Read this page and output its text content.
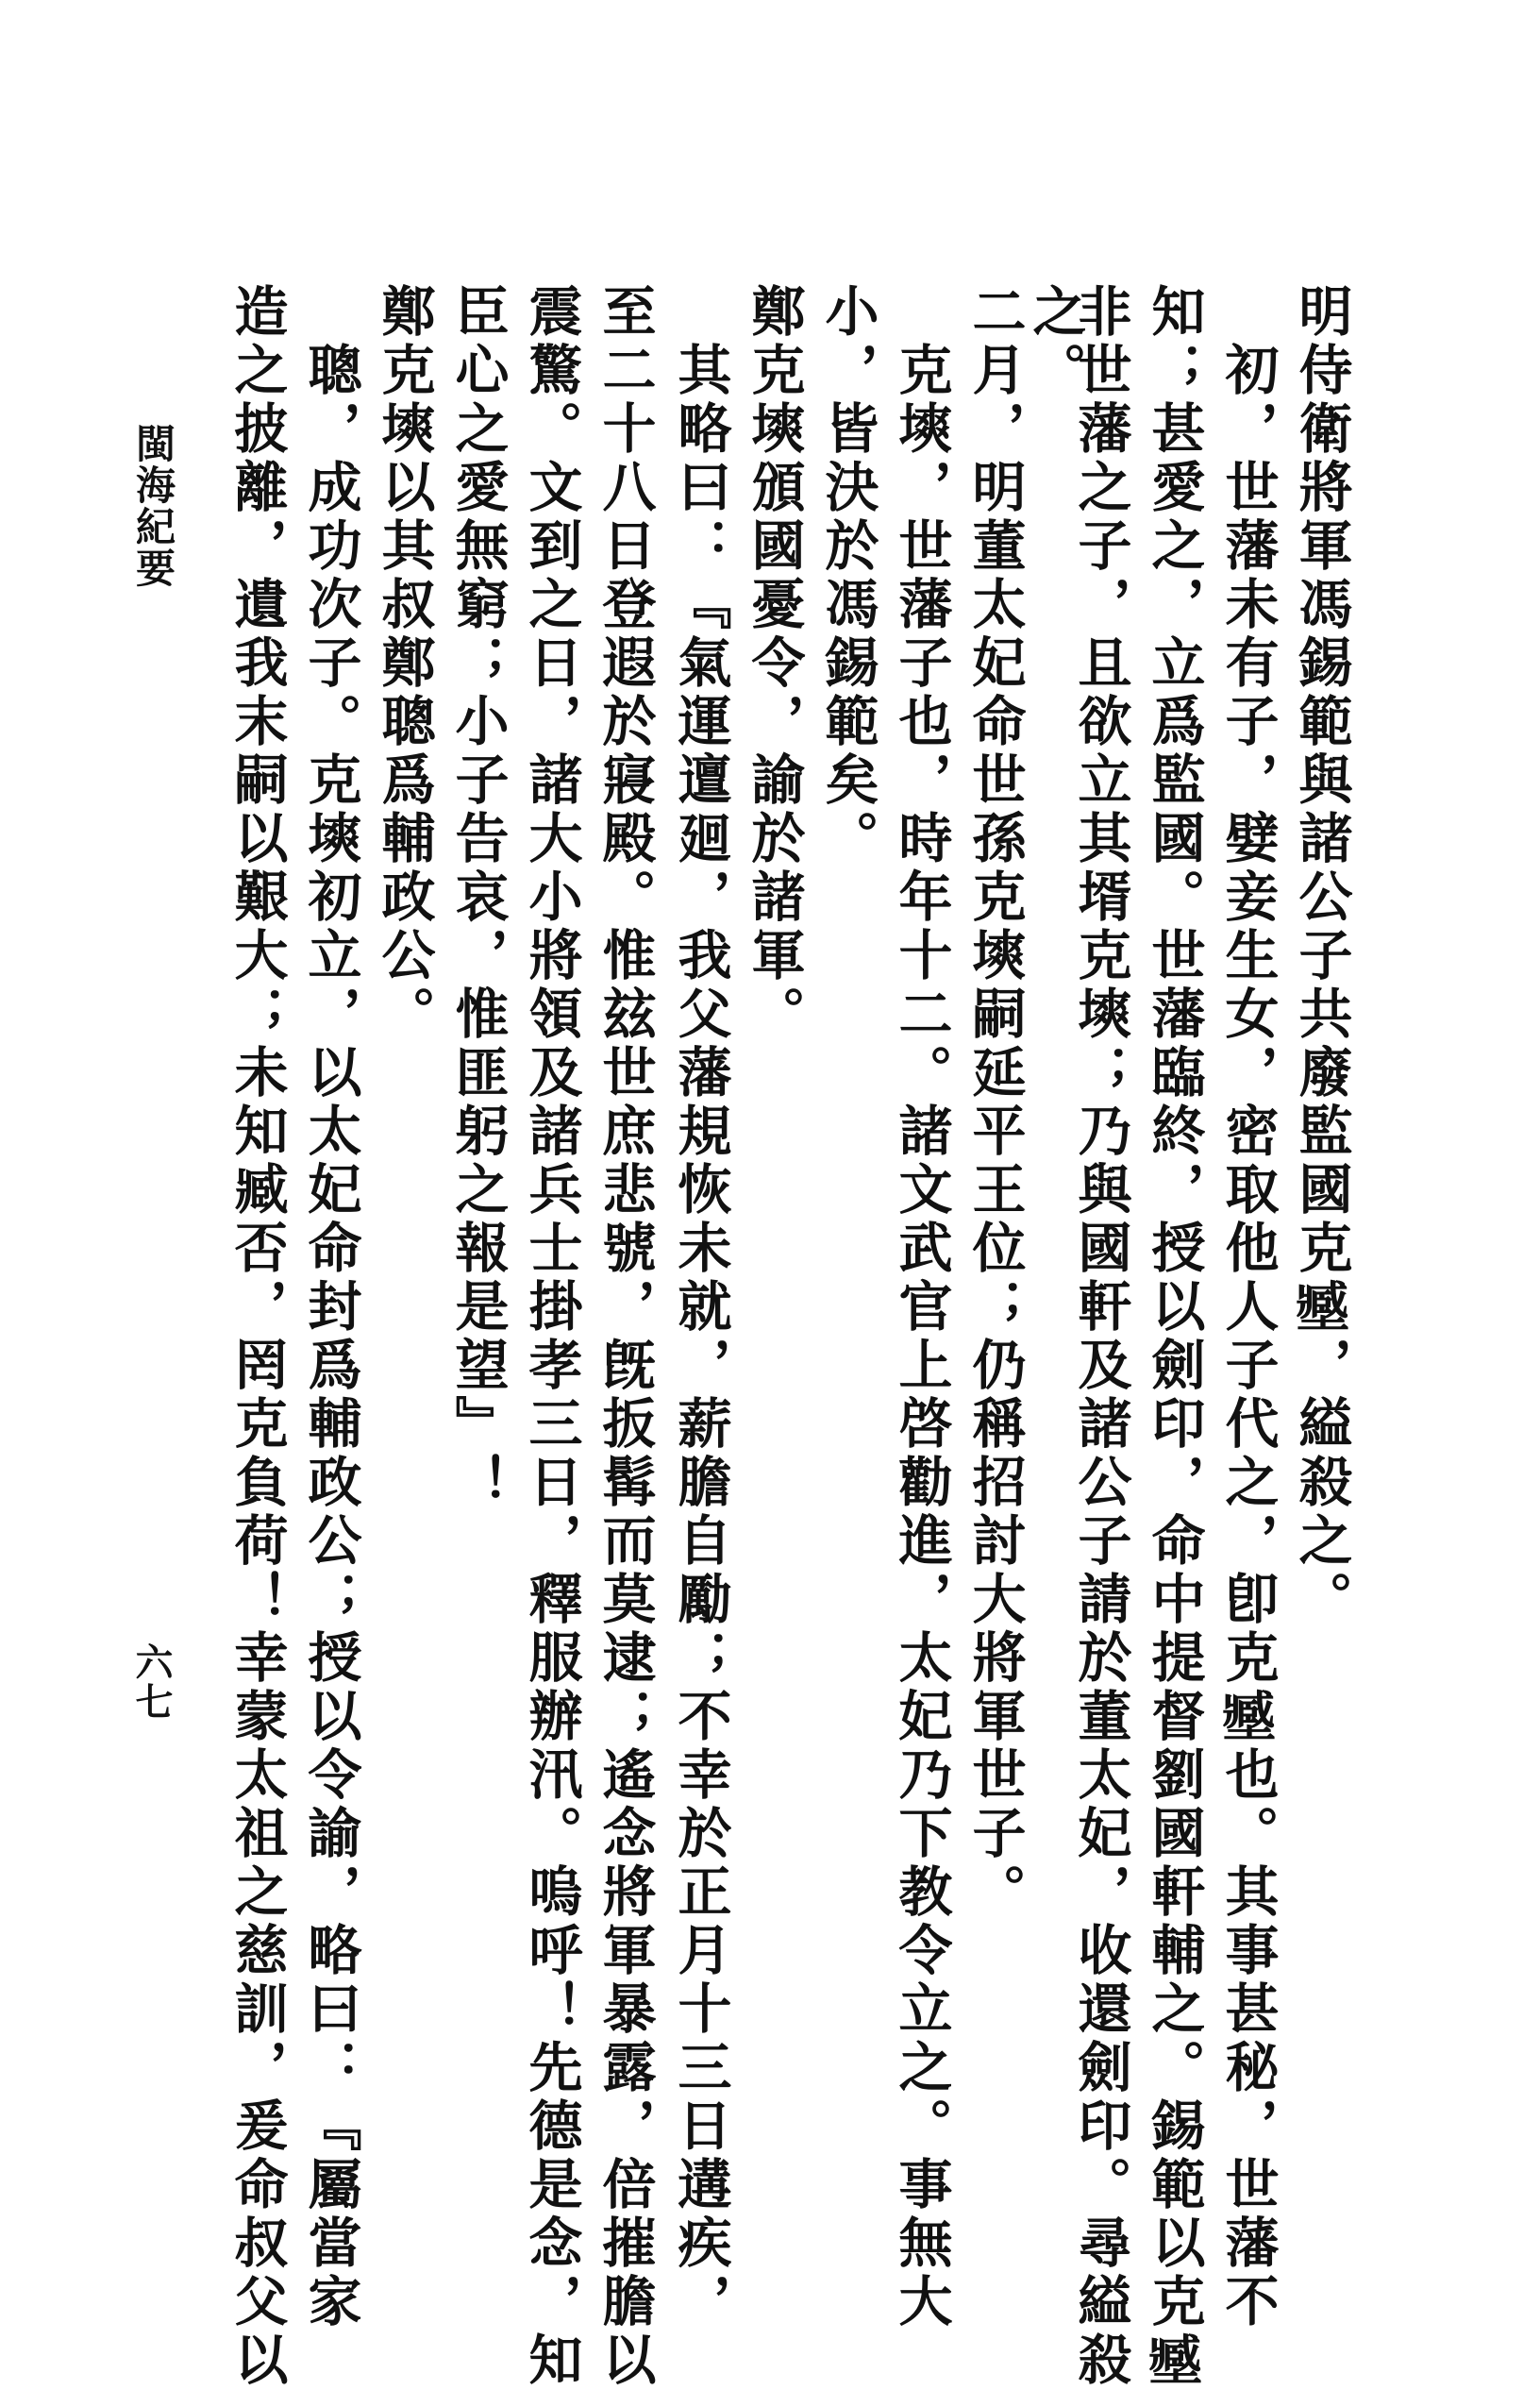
明侍衛將軍馮錫範與諸公子共廢監國克𡒉，縊殺之。
　初，世藩未有子，嬖妾生女，密取他人子代之，卽克𡒉也。其事甚秘，世藩不
知；甚愛之，立爲監國。世藩臨終，授以劍印，命中提督劉國軒輔之。錫範以克𡒉
非世藩之子，且欲立其壻克塽；乃與國軒及諸公子請於董太妃，收還劍印。尋縊殺
之。
二月，明董太妃命世孫克塽嗣延平王位；仍稱招討大將軍世子。
　克塽，世藩子也，時年十二。諸文武官上啓勸進，太妃乃下教令立之。事無大
小，皆決於馮錫範矣。
鄭克塽頒國憂令，諭於諸軍。
　其略曰：『氣運邅廻，我父藩規恢未就，薪膽自勵；不幸於正月十三日遘疾，
至二十八日登遐於寢殿。惟玆世庶悲號，旣扳髯而莫逮；遙念將軍暴露，倍摧膽以
震驚。文到之日，諸大小將領及諸兵士掛孝三日，釋服辦汛。嗚呼！先德是念，知
臣心之愛無窮；小子告哀，惟匪躬之報是望』！
鄭克塽以其叔鄭聰爲輔政公。
　聰，成功次子。克塽初立，以太妃命封爲輔政公；授以令諭，略曰：『屬當家
造之披離，遺我末嗣以艱大；未知臧否，罔克負荷！幸蒙太祖之慈訓，爰命叔父以
閩海紀要
六七
